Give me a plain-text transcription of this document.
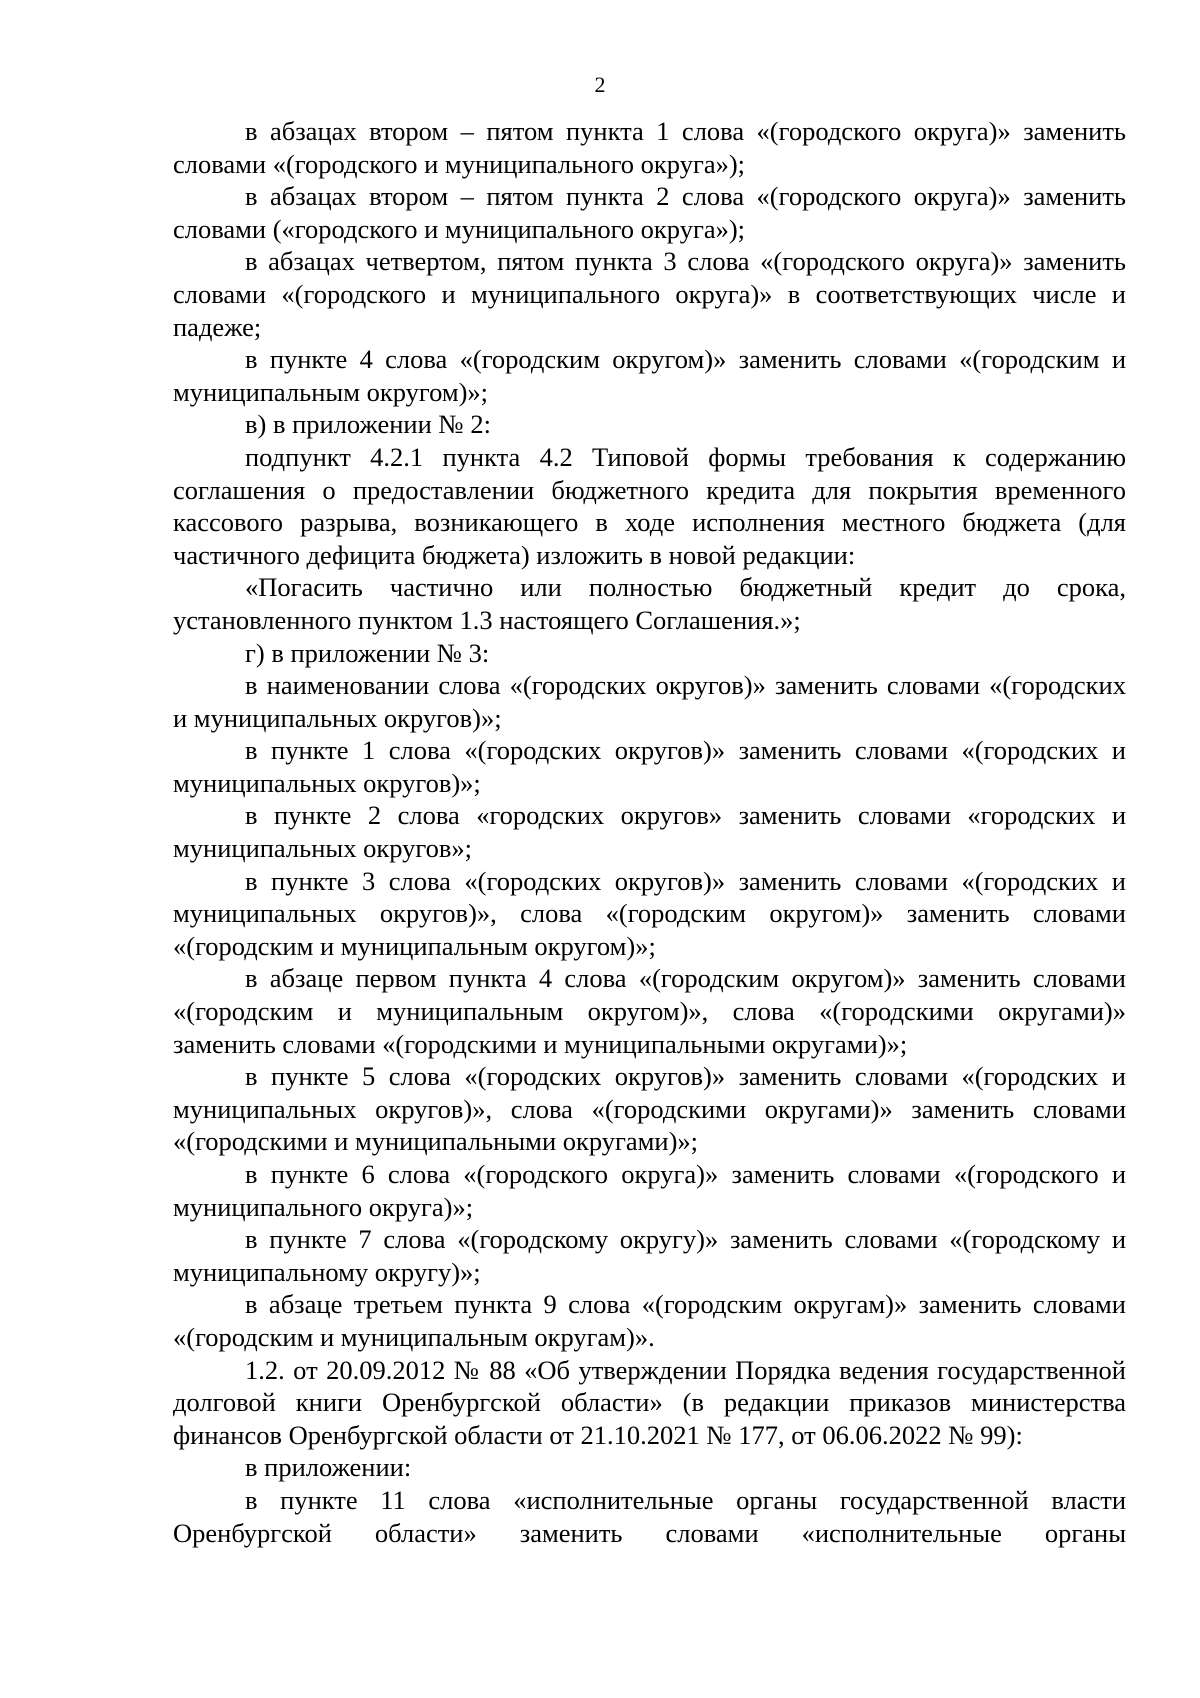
2

в абзацах втором – пятом пункта 1 слова «(городского округа)» заменить словами «(городского и муниципального округа»);

в абзацах втором – пятом пункта 2 слова «(городского округа)» заменить словами («городского и муниципального округа»);

в абзацах четвертом, пятом пункта 3 слова «(городского округа)» заменить словами «(городского и муниципального округа)» в соответствующих числе и падеже;

в пункте 4 слова «(городским округом)» заменить словами «(городским и муниципальным округом)»;

в) в приложении № 2:

подпункт 4.2.1 пункта 4.2 Типовой формы требования к содержанию соглашения о предоставлении бюджетного кредита для покрытия временного кассового разрыва, возникающего в ходе исполнения местного бюджета (для частичного дефицита бюджета) изложить в новой редакции:

«Погасить частично или полностью бюджетный кредит до срока, установленного пунктом 1.3 настоящего Соглашения.»;

г) в приложении № 3:

в наименовании слова «(городских округов)» заменить словами «(городских и муниципальных округов)»;

в пункте 1 слова «(городских округов)» заменить словами «(городских и муниципальных округов)»;

в пункте 2 слова «городских округов» заменить словами «городских и муниципальных округов»;

в пункте 3 слова «(городских округов)» заменить словами «(городских и муниципальных округов)», слова «(городским округом)» заменить словами «(городским и муниципальным округом)»;

в абзаце первом пункта 4 слова «(городским округом)» заменить словами «(городским и муниципальным округом)», слова «(городскими округами)» заменить словами «(городскими и муниципальными округами)»;

в пункте 5 слова «(городских округов)» заменить словами «(городских и муниципальных округов)», слова «(городскими округами)» заменить словами «(городскими и муниципальными округами)»;

в пункте 6 слова «(городского округа)» заменить словами «(городского и муниципального округа)»;

в пункте 7 слова «(городскому округу)» заменить словами «(городскому и муниципальному округу)»;

в абзаце третьем пункта 9 слова «(городским округам)» заменить словами «(городским и муниципальным округам)».

1.2. от 20.09.2012 № 88 «Об утверждении Порядка ведения государственной долговой книги Оренбургской области» (в редакции приказов министерства финансов Оренбургской области от 21.10.2021 № 177, от 06.06.2022 № 99):

в приложении:

в пункте 11 слова «исполнительные органы государственной власти Оренбургской области» заменить словами «исполнительные органы
